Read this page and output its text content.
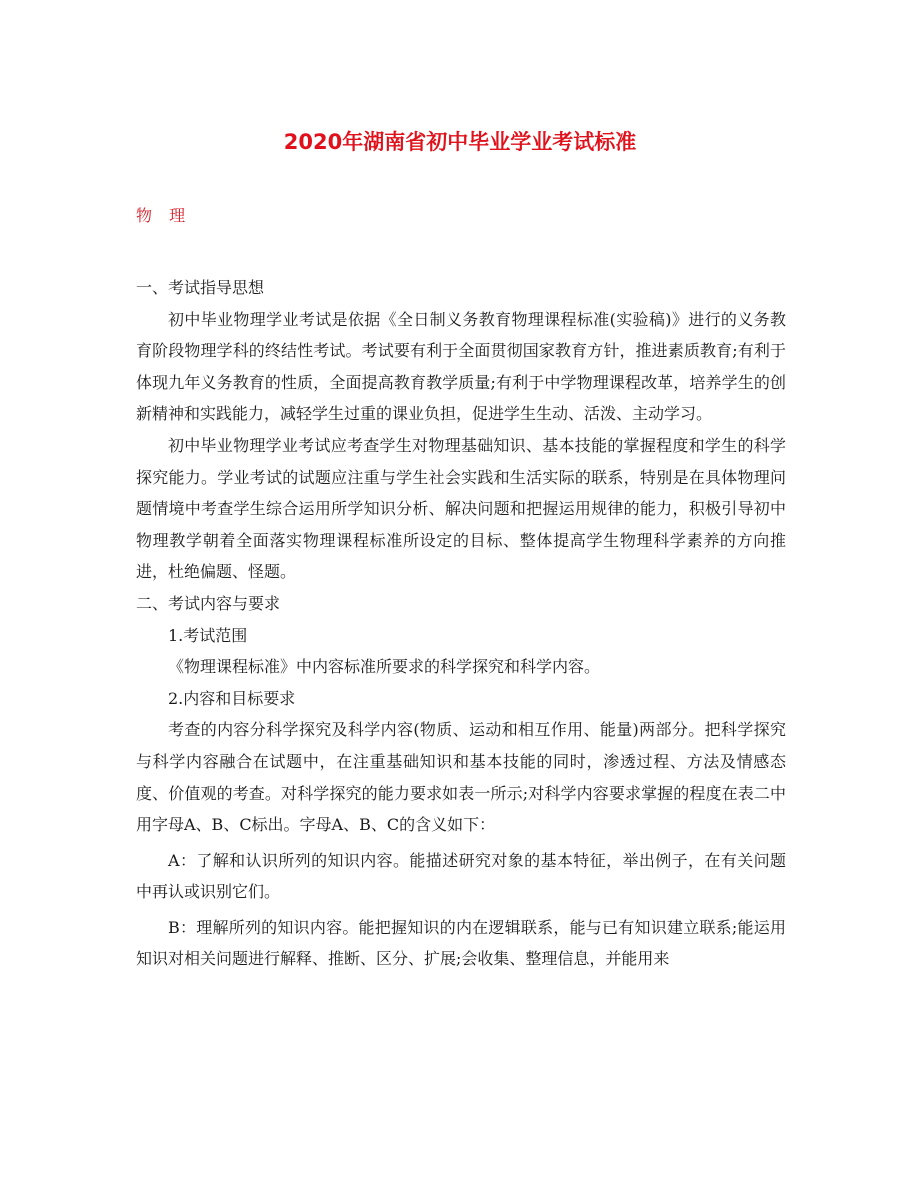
2020年湖南省初中毕业学业考试标准
物 理

一、考试指导思想

初中毕业物理学业考试是依据《全日制义务教育物理课程标准(实验稿)》进行的义务教育阶段物理学科的终结性考试。考试要有利于全面贯彻国家教育方针，推进素质教育;有利于体现九年义务教育的性质，全面提高教育教学质量;有利于中学物理课程改革，培养学生的创新精神和实践能力，减轻学生过重的课业负担，促进学生生动、活泼、主动学习。

初中毕业物理学业考试应考查学生对物理基础知识、基本技能的掌握程度和学生的科学探究能力。学业考试的试题应注重与学生社会实践和生活实际的联系，特别是在具体物理问题情境中考查学生综合运用所学知识分析、解决问题和把握运用规律的能力，积极引导初中物理教学朝着全面落实物理课程标准所设定的目标、整体提高学生物理科学素养的方向推进，杜绝偏题、怪题。

二、考试内容与要求

1.考试范围

《物理课程标准》中内容标准所要求的科学探究和科学内容。

2.内容和目标要求

考查的内容分科学探究及科学内容(物质、运动和相互作用、能量)两部分。把科学探究与科学内容融合在试题中，在注重基础知识和基本技能的同时，渗透过程、方法及情感态度、价值观的考查。对科学探究的能力要求如表一所示;对科学内容要求掌握的程度在表二中用字母A、B、C标出。字母A、B、C的含义如下：

A：了解和认识所列的知识内容。能描述研究对象的基本特征，举出例子，在有关问题中再认或识别它们。

B：理解所列的知识内容。能把握知识的内在逻辑联系，能与已有知识建立联系;能运用知识对相关问题进行解释、推断、区分、扩展;会收集、整理信息，并能用来
